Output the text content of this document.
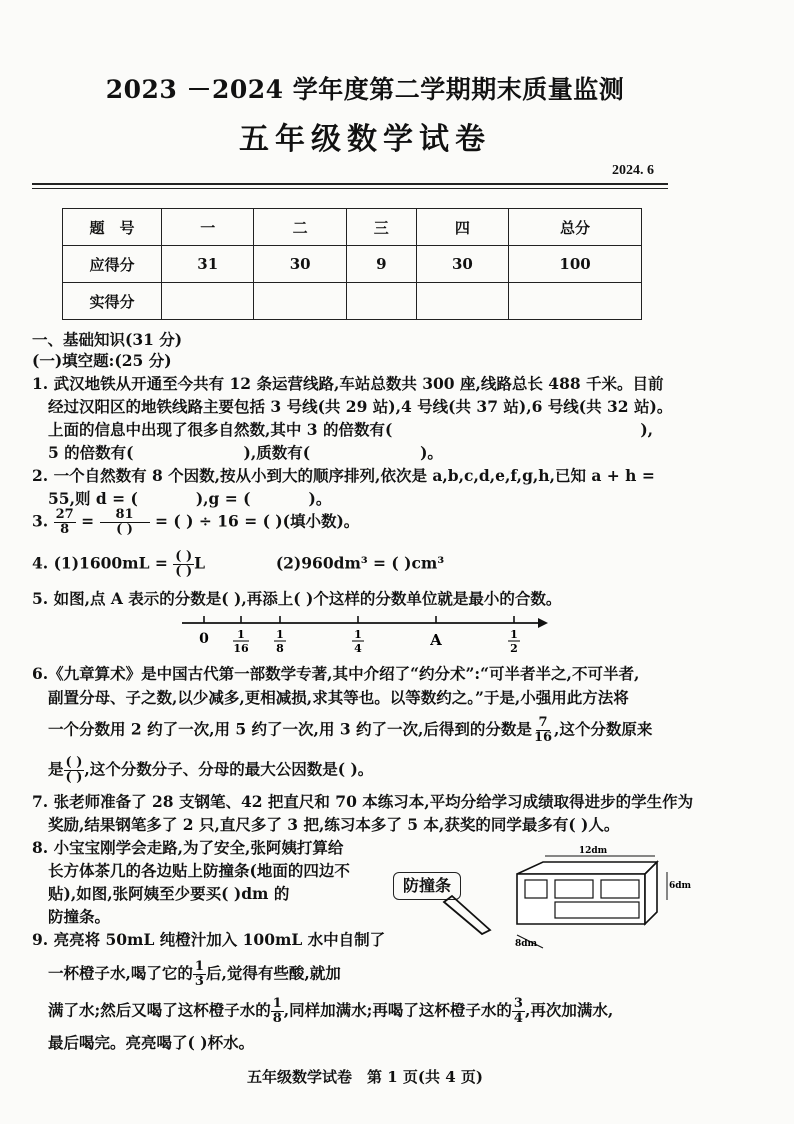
2023 －2024 学年度第二学期期末质量监测
五年级数学试卷
2024. 6
题　号	一	二	三	四	总分
应得分	31	30	9	30	100
实得分					
一、基础知识(31 分)
(一)填空题:(25 分)
1. 武汉地铁从开通至今共有 12 条运营线路,车站总数共 300 座,线路总长 488 千米。目前
经过汉阳区的地铁线路主要包括 3 号线(共 29 站),4 号线(共 37 站),6 号线(共 32 站)。
上面的信息中出现了很多自然数,其中 3 的倍数有(	),
5 的倍数有(	),质数有(	)。
2. 一个自然数有 8 个因数,按从小到大的顺序排列,依次是 a,b,c,d,e,f,g,h,已知 a + h =
55,则 d = (	),g = (	)。
3. $\frac{27}{8} = \frac{81}{( )}$ = ( ) ÷ 16 = ( )(填小数)。
4. $(1)1600mL = \frac{( )}{( )}$ L	(2)960dm³ = ( )cm³
5. 如图,点 A 表示的分数是( ),再添上( )个这样的分数单位就是最小的合数。
0	1
16
1
8
1
4	A	1
2
6.《九章算术》是中国古代第一部数学专著,其中介绍了“约分术”:“可半者半之,不可半者,
副置分母、子之数,以少减多,更相减损,求其等也。以等数约之。”于是,小强用此方法将
一个分数用 2 约了一次,用 5 约了一次,用 3 约了一次,后得到的分数是 $\frac{7}{16}$ ,这个分数原来
是 $\frac{( )}{( )}$ ,这个分数分子、分母的最大公因数是( )。
7. 张老师准备了 28 支钢笔、42 把直尺和 70 本练习本,平均分给学习成绩取得进步的学生作为
奖励,结果钢笔多了 2 只,直尺多了 3 把,练习本多了 5 本,获奖的同学最多有( )人。
8. 小宝宝刚学会走路,为了安全,张阿姨打算给
长方体茶几的各边贴上防撞条(地面的四边不
贴),如图,张阿姨至少要买( )dm 的
防撞条。
防撞条
12dm
6dm
8dm
9. 亮亮将 50mL 纯橙汁加入 100mL 水中自制了
一杯橙子水,喝了它的 $\frac{1}{3}$ 后,觉得有些酸,就加
满了水;然后又喝了这杯橙子水的 $\frac{1}{8}$ ,同样加满水;再喝了这杯橙子水的 $\frac{3}{4}$ ,再次加满水,
最后喝完。亮亮喝了( )杯水。
五年级数学试卷　第 1 页(共 4 页)
